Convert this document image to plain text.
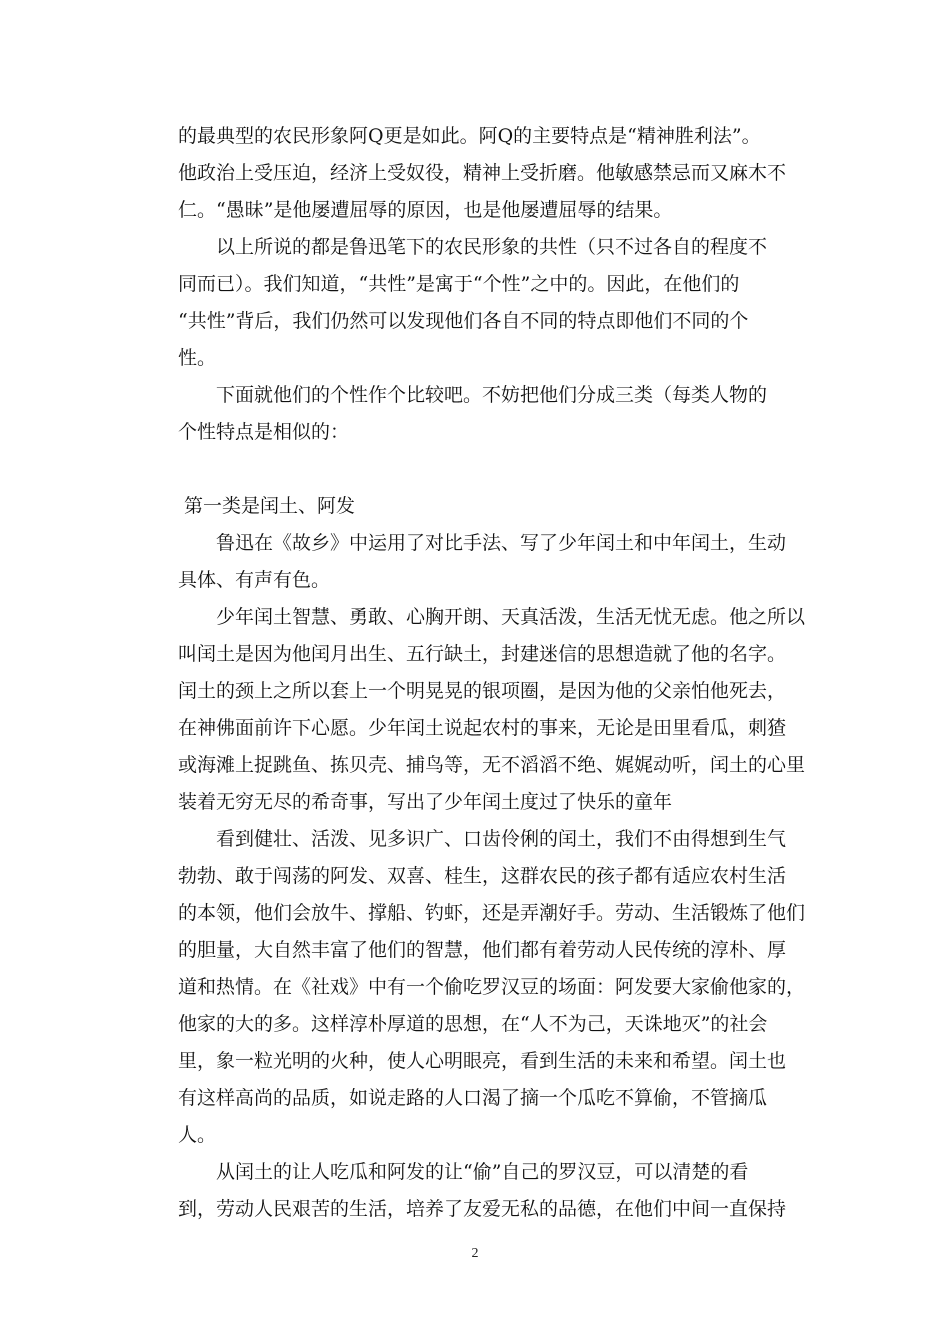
的最典型的农民形象阿Q更是如此。阿Q的主要特点是“精神胜利法”。
他政治上受压迫，经济上受奴役，精神上受折磨。他敏感禁忌而又麻木不
仁。“愚昧”是他屡遭屈辱的原因，也是他屡遭屈辱的结果。
以上所说的都是鲁迅笔下的农民形象的共性（只不过各自的程度不
同而已）。我们知道，“共性”是寓于“个性”之中的。因此，在他们的
“共性”背后，我们仍然可以发现他们各自不同的特点即他们不同的个
性。
下面就他们的个性作个比较吧。不妨把他们分成三类（每类人物的
个性特点是相似的：
第一类是闰土、阿发
鲁迅在《故乡》中运用了对比手法、写了少年闰土和中年闰土，生动
具体、有声有色。
少年闰土智慧、勇敢、心胸开朗、天真活泼，生活无忧无虑。他之所以
叫闰土是因为他闰月出生、五行缺土，封建迷信的思想造就了他的名字。
闰土的颈上之所以套上一个明晃晃的银项圈，是因为他的父亲怕他死去，
在神佛面前许下心愿。少年闰土说起农村的事来，无论是田里看瓜，刺猹
或海滩上捉跳鱼、拣贝壳、捕鸟等，无不滔滔不绝、娓娓动听，闰土的心里
装着无穷无尽的希奇事，写出了少年闰土度过了快乐的童年
看到健壮、活泼、见多识广、口齿伶俐的闰土，我们不由得想到生气
勃勃、敢于闯荡的阿发、双喜、桂生，这群农民的孩子都有适应农村生活
的本领，他们会放牛、撑船、钓虾，还是弄潮好手。劳动、生活锻炼了他们
的胆量，大自然丰富了他们的智慧，他们都有着劳动人民传统的淳朴、厚
道和热情。在《社戏》中有一个偷吃罗汉豆的场面：阿发要大家偷他家的，
他家的大的多。这样淳朴厚道的思想，在“人不为己，天诛地灭”的社会
里，象一粒光明的火种，使人心明眼亮，看到生活的未来和希望。闰土也
有这样高尚的品质，如说走路的人口渴了摘一个瓜吃不算偷，不管摘瓜
人。
从闰土的让人吃瓜和阿发的让“偷”自己的罗汉豆，可以清楚的看
到，劳动人民艰苦的生活，培养了友爱无私的品德，在他们中间一直保持
2
